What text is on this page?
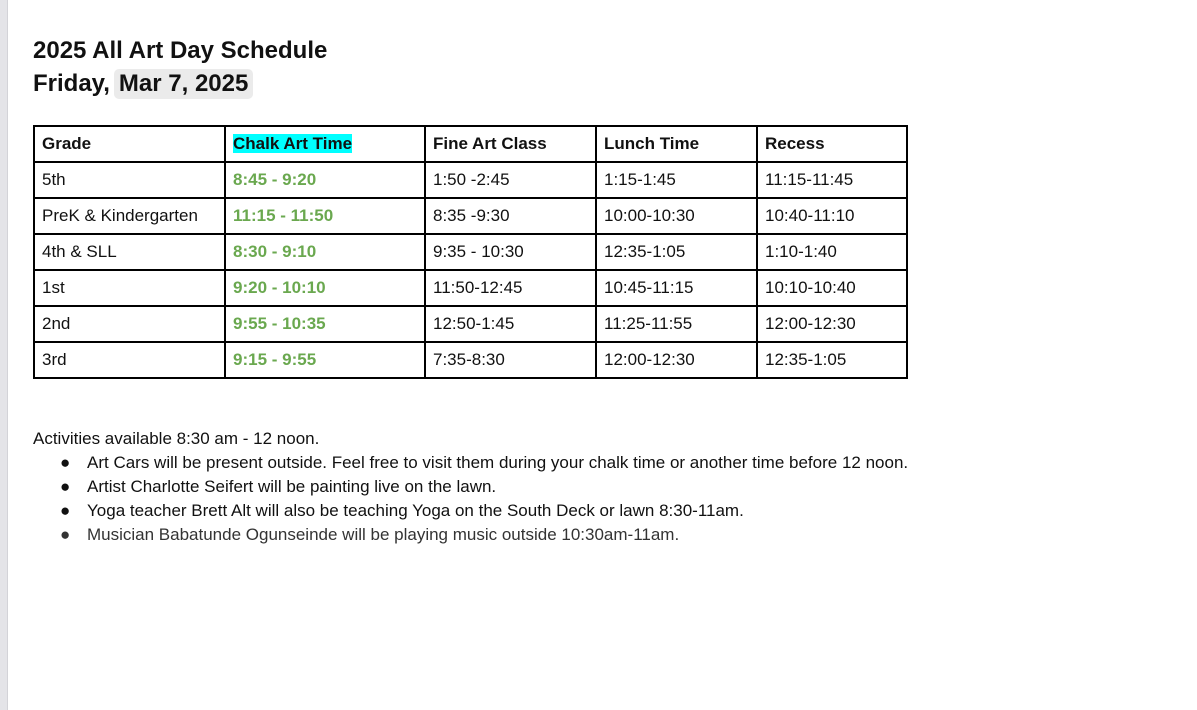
2025 All Art Day Schedule
Friday, Mar 7, 2025
Grade	Chalk Art Time	Fine Art Class	Lunch Time	Recess
5th	8:45 - 9:20	1:50 -2:45	1:15-1:45	11:15-11:45
PreK & Kindergarten	11:15 - 11:50	8:35 -9:30	10:00-10:30	10:40-11:10
4th & SLL	8:30 - 9:10	9:35 - 10:30	12:35-1:05	1:10-1:40
1st	9:20 - 10:10	11:50-12:45	10:45-11:15	10:10-10:40
2nd	9:55 - 10:35	12:50-1:45	11:25-11:55	12:00-12:30
3rd	9:15 - 9:55	7:35-8:30	12:00-12:30	12:35-1:05
Activities available 8:30 am - 12 noon.
● Art Cars will be present outside. Feel free to visit them during your chalk time or another time before 12 noon.
● Artist Charlotte Seifert will be painting live on the lawn.
● Yoga teacher Brett Alt will also be teaching Yoga on the South Deck or lawn 8:30-11am.
● Musician Babatunde Ogunseinde will be playing music outside 10:30am-11am.
